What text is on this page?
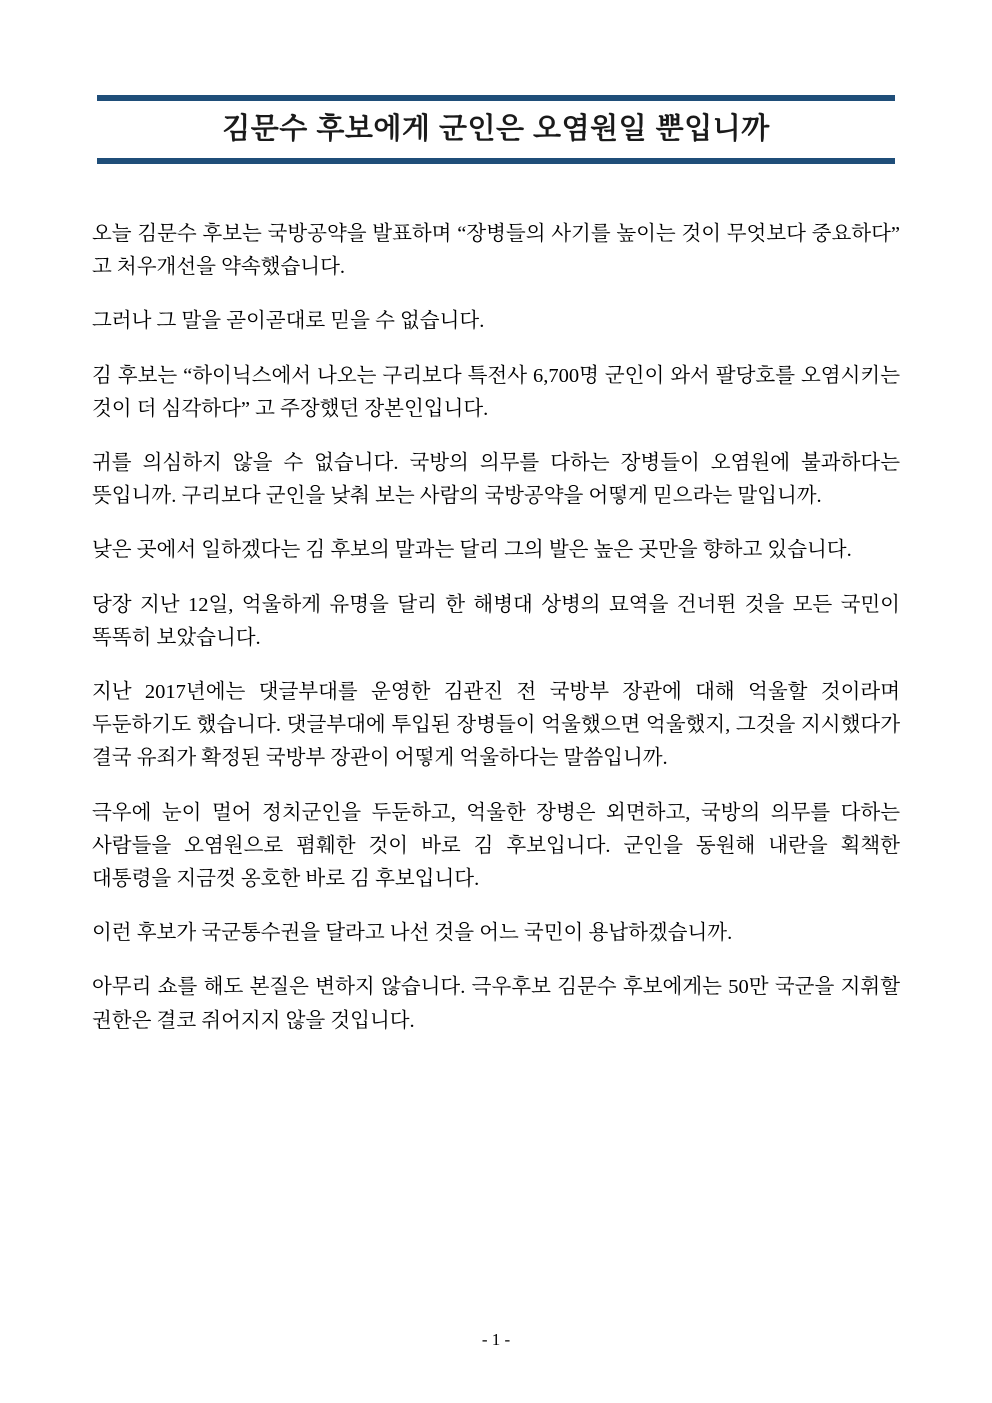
김문수 후보에게 군인은 오염원일 뿐입니까

오늘 김문수 후보는 국방공약을 발표하며 “장병들의 사기를 높이는 것이 무엇보다 중요하다” 고 처우개선을 약속했습니다.

그러나 그 말을 곧이곧대로 믿을 수 없습니다.

김 후보는 “하이닉스에서 나오는 구리보다 특전사 6,700명 군인이 와서 팔당호를 오염시키는 것이 더 심각하다” 고 주장했던 장본인입니다.

귀를 의심하지 않을 수 없습니다. 국방의 의무를 다하는 장병들이 오염원에 불과하다는 뜻입니까. 구리보다 군인을 낮춰 보는 사람의 국방공약을 어떻게 믿으라는 말입니까.

낮은 곳에서 일하겠다는 김 후보의 말과는 달리 그의 발은 높은 곳만을 향하고 있습니다.

당장 지난 12일, 억울하게 유명을 달리 한 해병대 상병의 묘역을 건너뛴 것을 모든 국민이 똑똑히 보았습니다.

지난 2017년에는 댓글부대를 운영한 김관진 전 국방부 장관에 대해 억울할 것이라며 두둔하기도 했습니다. 댓글부대에 투입된 장병들이 억울했으면 억울했지, 그것을 지시했다가 결국 유죄가 확정된 국방부 장관이 어떻게 억울하다는 말씀입니까.

극우에 눈이 멀어 정치군인을 두둔하고, 억울한 장병은 외면하고, 국방의 의무를 다하는 사람들을 오염원으로 폄훼한 것이 바로 김 후보입니다. 군인을 동원해 내란을 획책한 대통령을 지금껏 옹호한 바로 김 후보입니다.

이런 후보가 국군통수권을 달라고 나선 것을 어느 국민이 용납하겠습니까.

아무리 쇼를 해도 본질은 변하지 않습니다. 극우후보 김문수 후보에게는 50만 국군을 지휘할 권한은 결코 쥐어지지 않을 것입니다.

- 1 -
